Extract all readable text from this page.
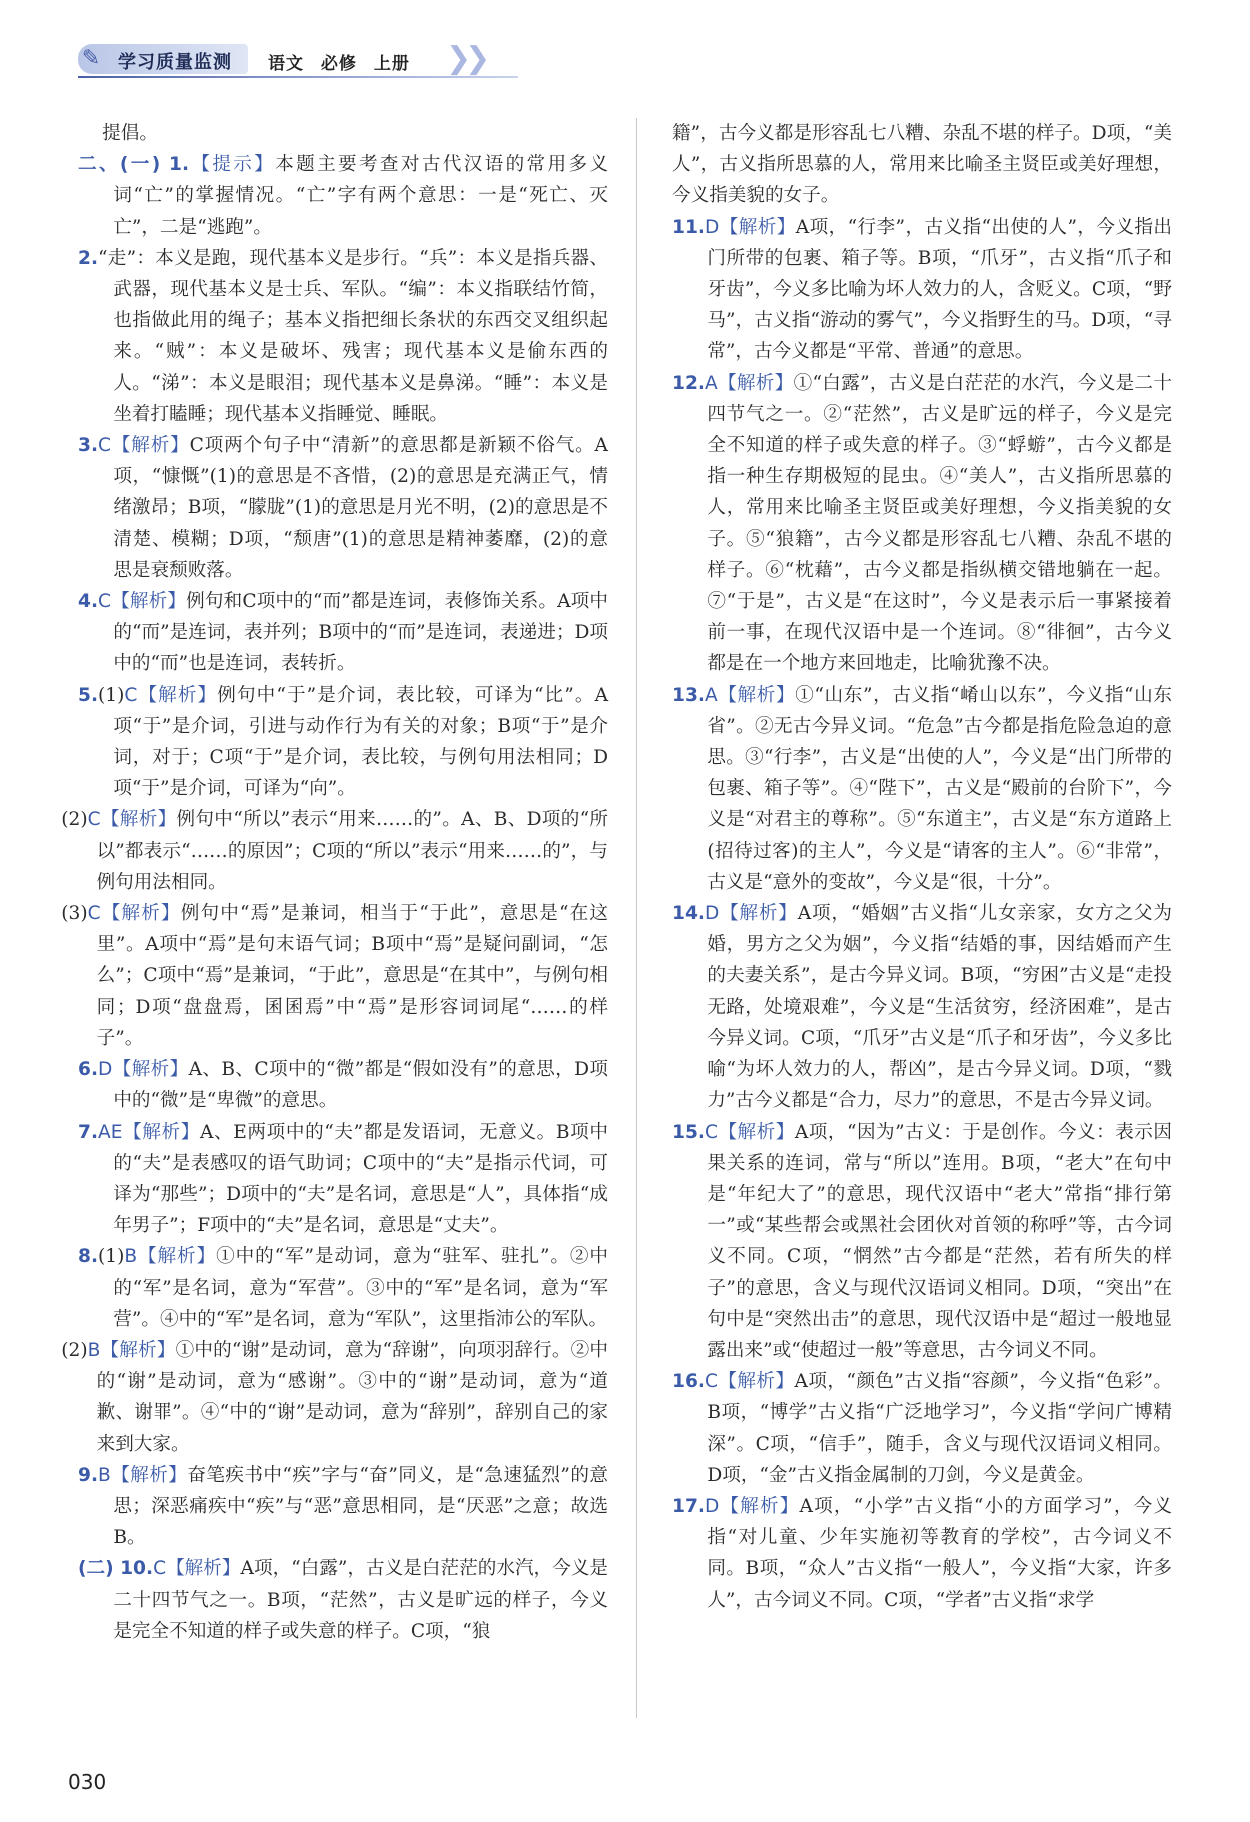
✎ 学习质量监测 语文 必修 上册 ❯❯

提倡。

二、(一) 1.【提示】本题主要考查对古代汉语的常用多义词“亡”的掌握情况。“亡”字有两个意思：一是“死亡、灭亡”，二是“逃跑”。

2.“走”：本义是跑，现代基本义是步行。“兵”：本义是指兵器、武器，现代基本义是士兵、军队。“编”：本义指联结竹简，也指做此用的绳子；基本义指把细长条状的东西交叉组织起来。“贼”：本义是破坏、残害；现代基本义是偷东西的人。“涕”：本义是眼泪；现代基本义是鼻涕。“睡”：本义是坐着打瞌睡；现代基本义指睡觉、睡眠。

3.C【解析】C项两个句子中“清新”的意思都是新颖不俗气。A项，“慷慨”(1)的意思是不吝惜，(2)的意思是充满正气，情绪激昂；B项，“朦胧”(1)的意思是月光不明，(2)的意思是不清楚、模糊；D项，“颓唐”(1)的意思是精神萎靡，(2)的意思是衰颓败落。

4.C【解析】例句和C项中的“而”都是连词，表修饰关系。A项中的“而”是连词，表并列；B项中的“而”是连词，表递进；D项中的“而”也是连词，表转折。

5.(1)C【解析】例句中“于”是介词，表比较，可译为“比”。A项“于”是介词，引进与动作行为有关的对象；B项“于”是介词，对于；C项“于”是介词，表比较，与例句用法相同；D项“于”是介词，可译为“向”。

(2)C【解析】例句中“所以”表示“用来……的”。A、B、D项的“所以”都表示“……的原因”；C项的“所以”表示“用来……的”，与例句用法相同。

(3)C【解析】例句中“焉”是兼词，相当于“于此”，意思是“在这里”。A项中“焉”是句末语气词；B项中“焉”是疑问副词，“怎么”；C项中“焉”是兼词，“于此”，意思是“在其中”，与例句相同；D项“盘盘焉，囷囷焉”中“焉”是形容词词尾“……的样子”。

6.D【解析】A、B、C项中的“微”都是“假如没有”的意思，D项中的“微”是“卑微”的意思。

7.AE【解析】A、E两项中的“夫”都是发语词，无意义。B项中的“夫”是表感叹的语气助词；C项中的“夫”是指示代词，可译为“那些”；D项中的“夫”是名词，意思是“人”，具体指“成年男子”；F项中的“夫”是名词，意思是“丈夫”。

8.(1)B【解析】①中的“军”是动词，意为“驻军、驻扎”。②中的“军”是名词，意为“军营”。③中的“军”是名词，意为“军营”。④中的“军”是名词，意为“军队”，这里指沛公的军队。

(2)B【解析】①中的“谢”是动词，意为“辞谢”，向项羽辞行。②中的“谢”是动词，意为“感谢”。③中的“谢”是动词，意为“道歉、谢罪”。④“中的“谢”是动词，意为“辞别”，辞别自己的家来到大家。

9.B【解析】奋笔疾书中“疾”字与“奋”同义，是“急速猛烈”的意思；深恶痛疾中“疾”与“恶”意思相同，是“厌恶”之意；故选B。

(二) 10.C【解析】A项，“白露”，古义是白茫茫的水汽，今义是二十四节气之一。B项，“茫然”，古义是旷远的样子，今义是完全不知道的样子或失意的样子。C项，“狼

籍”，古今义都是形容乱七八糟、杂乱不堪的样子。D项，“美人”，古义指所思慕的人，常用来比喻圣主贤臣或美好理想，今义指美貌的女子。

11.D【解析】A项，“行李”，古义指“出使的人”，今义指出门所带的包裹、箱子等。B项，“爪牙”，古义指“爪子和牙齿”，今义多比喻为坏人效力的人，含贬义。C项，“野马”，古义指“游动的雾气”，今义指野生的马。D项，“寻常”，古今义都是“平常、普通”的意思。

12.A【解析】①“白露”，古义是白茫茫的水汽，今义是二十四节气之一。②“茫然”，古义是旷远的样子，今义是完全不知道的样子或失意的样子。③“蜉蝣”，古今义都是指一种生存期极短的昆虫。④“美人”，古义指所思慕的人，常用来比喻圣主贤臣或美好理想，今义指美貌的女子。⑤“狼籍”，古今义都是形容乱七八糟、杂乱不堪的样子。⑥“枕藉”，古今义都是指纵横交错地躺在一起。⑦“于是”，古义是“在这时”，今义是表示后一事紧接着前一事，在现代汉语中是一个连词。⑧“徘徊”，古今义都是在一个地方来回地走，比喻犹豫不决。

13.A【解析】①“山东”，古义指“崤山以东”，今义指“山东省”。②无古今异义词。“危急”古今都是指危险急迫的意思。③“行李”，古义是“出使的人”，今义是“出门所带的包裹、箱子等”。④“陛下”，古义是“殿前的台阶下”，今义是“对君主的尊称”。⑤“东道主”，古义是“东方道路上(招待过客)的主人”，今义是“请客的主人”。⑥“非常”，古义是“意外的变故”，今义是“很，十分”。

14.D【解析】A项，“婚姻”古义指“儿女亲家，女方之父为婚，男方之父为姻”，今义指“结婚的事，因结婚而产生的夫妻关系”，是古今异义词。B项，“穷困”古义是“走投无路，处境艰难”，今义是“生活贫穷，经济困难”，是古今异义词。C项，“爪牙”古义是“爪子和牙齿”，今义多比喻“为坏人效力的人，帮凶”，是古今异义词。D项，“戮力”古今义都是“合力，尽力”的意思，不是古今异义词。

15.C【解析】A项，“因为”古义：于是创作。今义：表示因果关系的连词，常与“所以”连用。B项，“老大”在句中是“年纪大了”的意思，现代汉语中“老大”常指“排行第一”或“某些帮会或黑社会团伙对首领的称呼”等，古今词义不同。C项，“惘然”古今都是“茫然，若有所失的样子”的意思，含义与现代汉语词义相同。D项，“突出”在句中是“突然出击”的意思，现代汉语中是“超过一般地显露出来”或“使超过一般”等意思，古今词义不同。

16.C【解析】A项，“颜色”古义指“容颜”，今义指“色彩”。B项，“博学”古义指“广泛地学习”，今义指“学问广博精深”。C项，“信手”，随手，含义与现代汉语词义相同。D项，“金”古义指金属制的刀剑，今义是黄金。

17.D【解析】A项，“小学”古义指“小的方面学习”，今义指“对儿童、少年实施初等教育的学校”，古今词义不同。B项，“众人”古义指“一般人”，今义指“大家，许多人”，古今词义不同。C项，“学者”古义指“求学

030
